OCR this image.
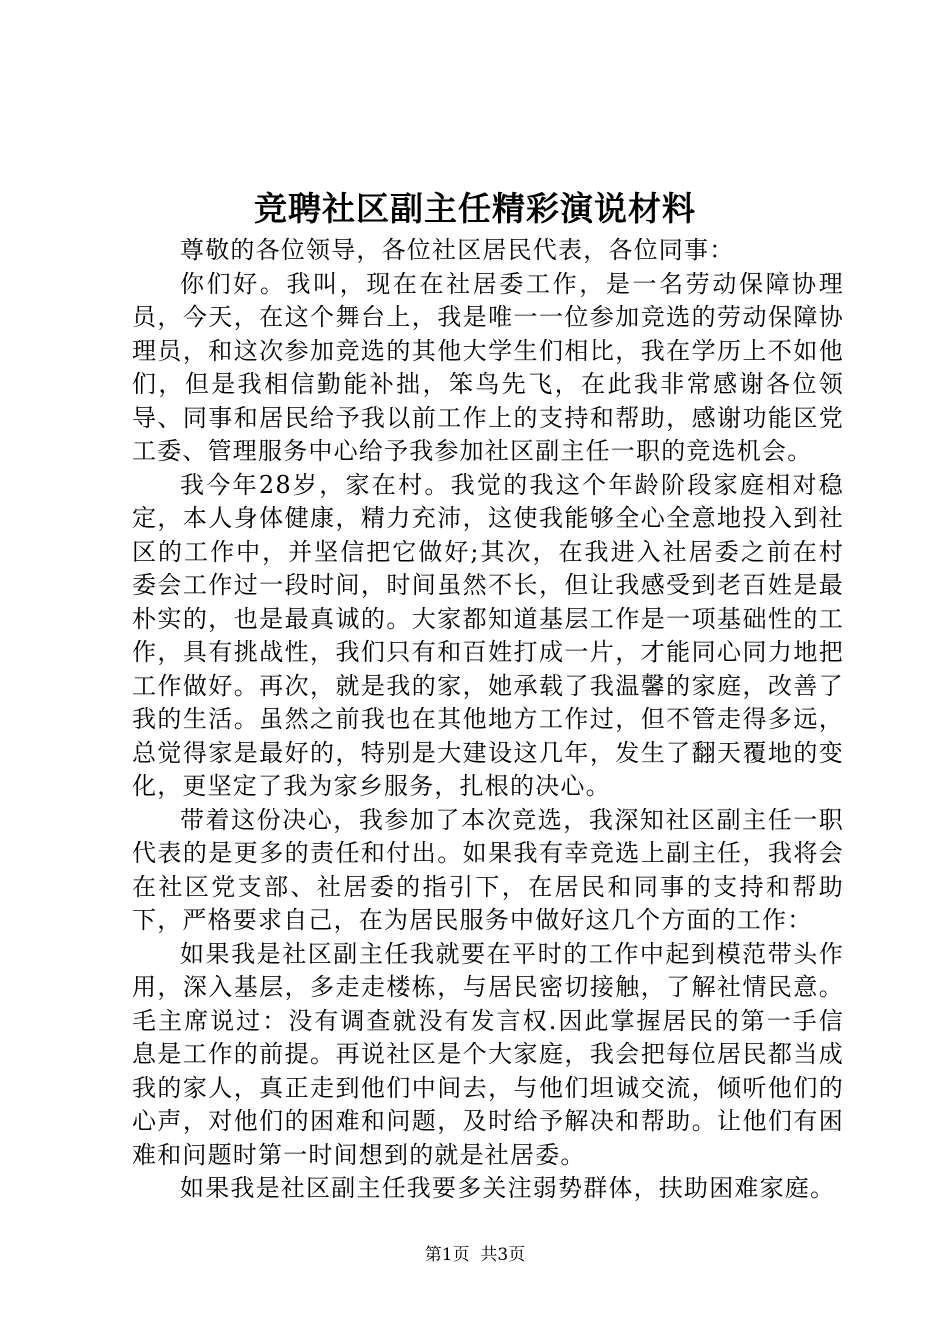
竞聘社区副主任精彩演说材料

尊敬的各位领导，各位社区居民代表，各位同事：

你们好。我叫，现在在社居委工作，是一名劳动保障协理员，今天，在这个舞台上，我是唯一一位参加竞选的劳动保障协理员，和这次参加竞选的其他大学生们相比，我在学历上不如他们，但是我相信勤能补拙，笨鸟先飞，在此我非常感谢各位领导、同事和居民给予我以前工作上的支持和帮助，感谢功能区党工委、管理服务中心给予我参加社区副主任一职的竞选机会。

我今年28岁，家在村。我觉的我这个年龄阶段家庭相对稳定，本人身体健康，精力充沛，这使我能够全心全意地投入到社区的工作中，并坚信把它做好;其次，在我进入社居委之前在村委会工作过一段时间，时间虽然不长，但让我感受到老百姓是最朴实的，也是最真诚的。大家都知道基层工作是一项基础性的工作，具有挑战性，我们只有和百姓打成一片，才能同心同力地把工作做好。再次，就是我的家，她承载了我温馨的家庭，改善了我的生活。虽然之前我也在其他地方工作过，但不管走得多远，总觉得家是最好的，特别是大建设这几年，发生了翻天覆地的变化，更坚定了我为家乡服务，扎根的决心。

带着这份决心，我参加了本次竞选，我深知社区副主任一职代表的是更多的责任和付出。如果我有幸竞选上副主任，我将会在社区党支部、社居委的指引下，在居民和同事的支持和帮助下，严格要求自己，在为居民服务中做好这几个方面的工作：

如果我是社区副主任我就要在平时的工作中起到模范带头作用，深入基层，多走走楼栋，与居民密切接触，了解社情民意。毛主席说过：没有调查就没有发言权.因此掌握居民的第一手信息是工作的前提。再说社区是个大家庭，我会把每位居民都当成我的家人，真正走到他们中间去，与他们坦诚交流，倾听他们的心声，对他们的困难和问题，及时给予解决和帮助。让他们有困难和问题时第一时间想到的就是社居委。

如果我是社区副主任我要多关注弱势群体，扶助困难家庭。

第1页 共3页
